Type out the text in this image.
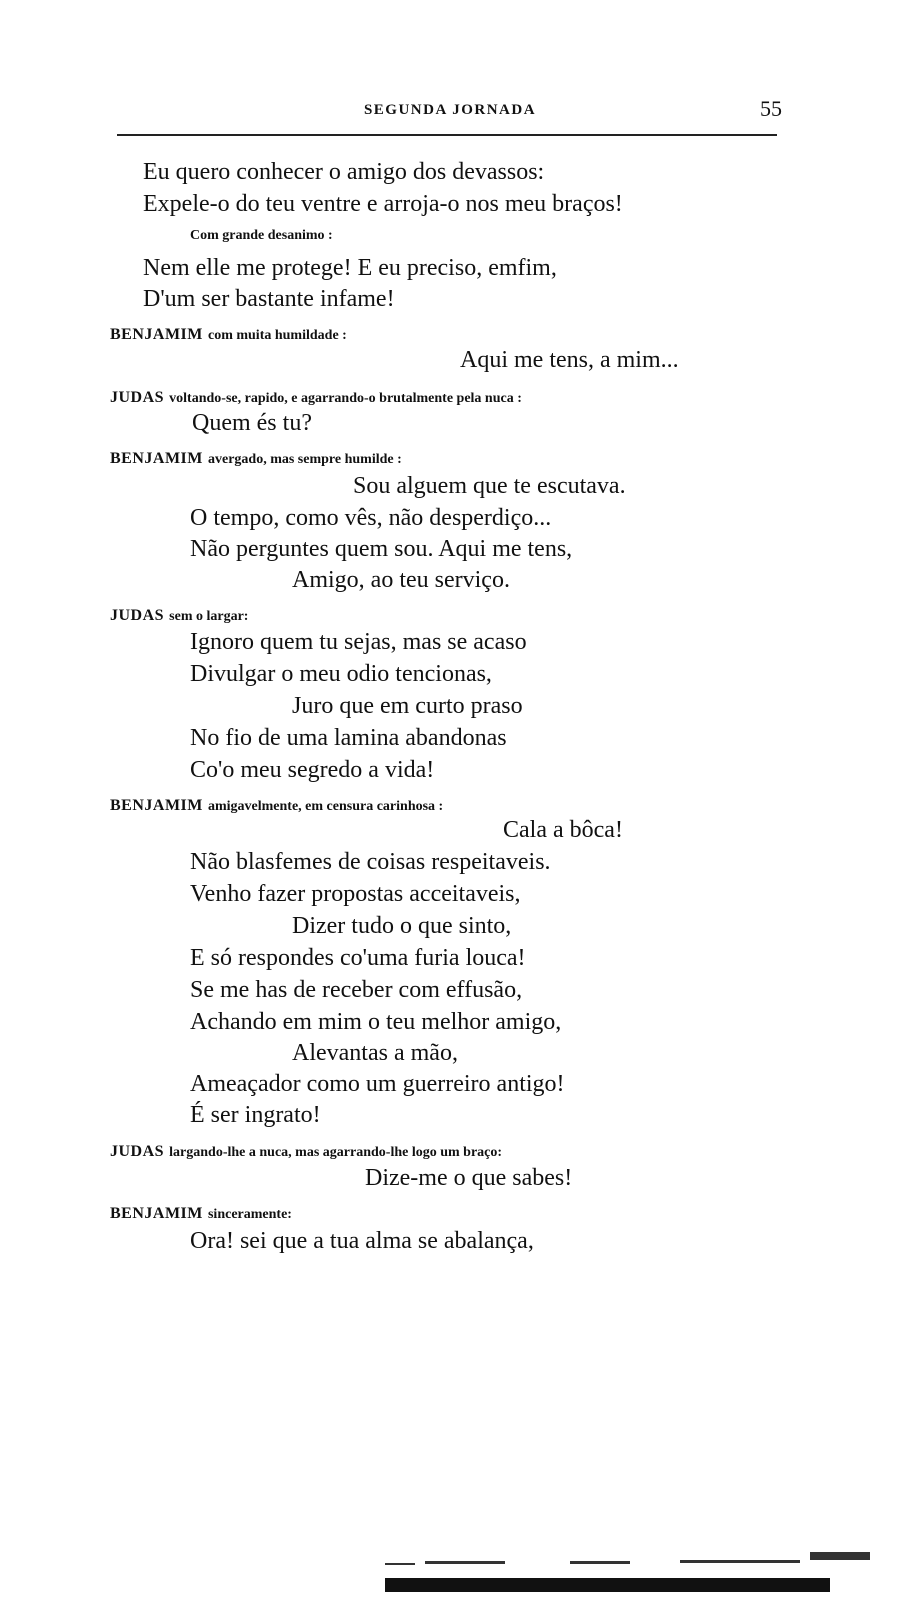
SEGUNDA JORNADA	55
Eu quero conhecer o amigo dos devassos:
Expele-o do teu ventre e arroja-o nos meu braços!
Com grande desanimo :
Nem elle me protege! E eu preciso, emfim,
D'um ser bastante infame!
BENJAMIM com muita humildade :
Aqui me tens, a mim...
JUDAS voltando-se, rapido, e agarrando-o brutalmente pela nuca :
Quem és tu?
BENJAMIM avergado, mas sempre humilde :
Sou alguem que te escutava.
O tempo, como vês, não desperdiço...
Não perguntes quem sou. Aqui me tens,
Amigo, ao teu serviço.
JUDAS sem o largar:
Ignoro quem tu sejas, mas se acaso
Divulgar o meu odio tencionas,
Juro que em curto praso
No fio de uma lamina abandonas
Co'o meu segredo a vida!
BENJAMIM amigavelmente, em censura carinhosa :
Cala a bôca!
Não blasfemes de coisas respeitaveis.
Venho fazer propostas acceitaveis,
Dizer tudo o que sinto,
E só respondes co'uma furia louca!
Se me has de receber com effusão,
Achando em mim o teu melhor amigo,
Alevantas a mão,
Ameaçador como um guerreiro antigo!
É ser ingrato!
JUDAS largando-lhe a nuca, mas agarrando-lhe logo um braço:
Dize-me o que sabes!
BENJAMIM sinceramente:
Ora! sei que a tua alma se abalança,
